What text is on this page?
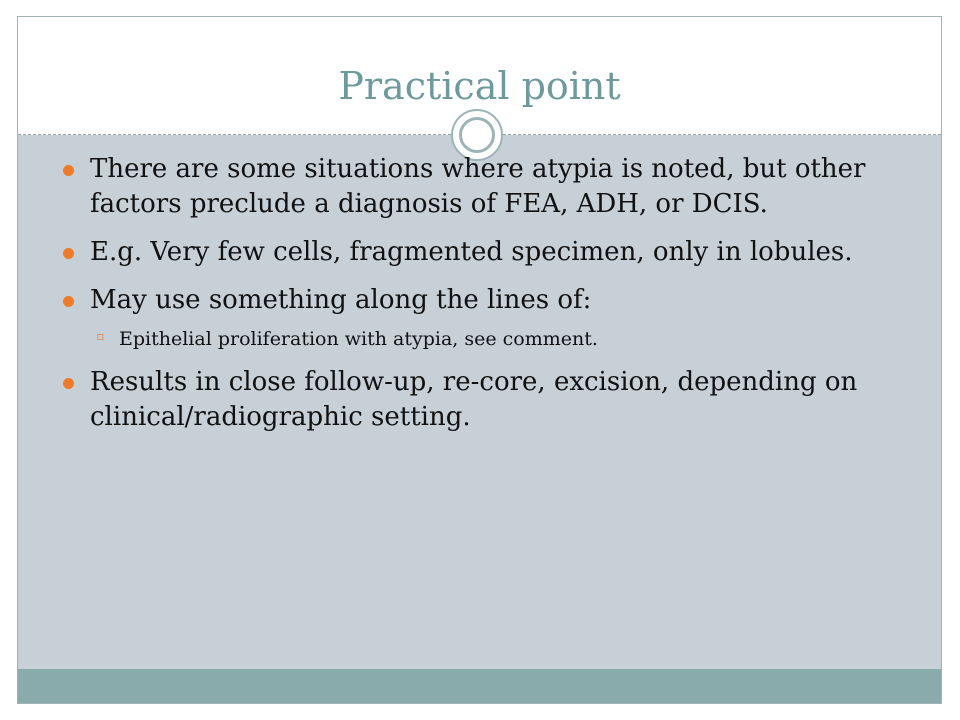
Practical point
There are some situations where atypia is noted, but other factors preclude a diagnosis of FEA, ADH, or DCIS.
E.g. Very few cells, fragmented specimen, only in lobules.
May use something along the lines of:
⌑ Epithelial proliferation with atypia, see comment.
Results in close follow-up, re-core, excision, depending on clinical/radiographic setting.
